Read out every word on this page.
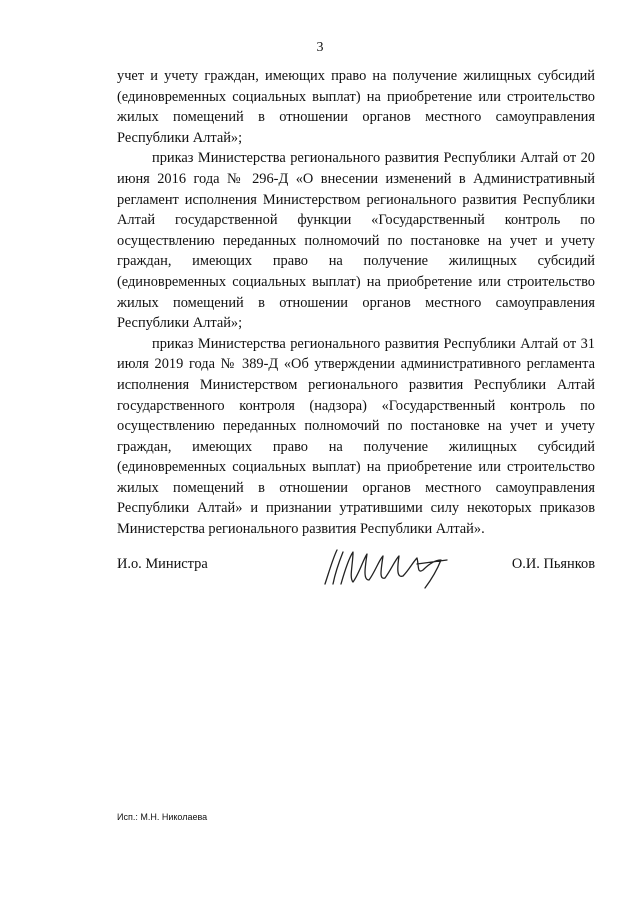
3

учет и учету граждан, имеющих право на получение жилищных субсидий (единовременных социальных выплат) на приобретение или строительство жилых помещений в отношении органов местного самоуправления Республики Алтай»;

приказ Министерства регионального развития Республики Алтай от 20 июня 2016 года № 296-Д «О внесении изменений в Административный регламент исполнения Министерством регионального развития Республики Алтай государственной функции «Государственный контроль по осуществлению переданных полномочий по постановке на учет и учету граждан, имеющих право на получение жилищных субсидий (единовременных социальных выплат) на приобретение или строительство жилых помещений в отношении органов местного самоуправления Республики Алтай»;

приказ Министерства регионального развития Республики Алтай от 31 июля 2019 года № 389-Д «Об утверждении административного регламента исполнения Министерством регионального развития Республики Алтай государственного контроля (надзора) «Государственный контроль по осуществлению переданных полномочий по постановке на учет и учету граждан, имеющих право на получение жилищных субсидий (единовременных социальных выплат) на приобретение или строительство жилых помещений в отношении органов местного самоуправления Республики Алтай» и признании утратившими силу некоторых приказов Министерства регионального развития Республики Алтай».

И.о. Министра	О.И. Пьянков
Исп.: М.Н. Николаева
